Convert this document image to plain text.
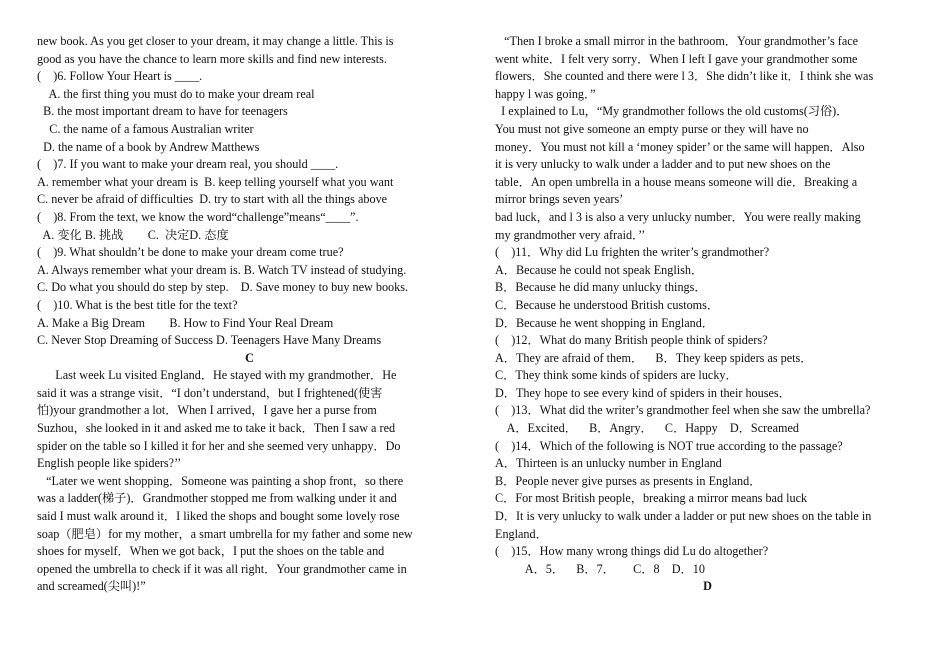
new book. As you get closer to your dream, it may change a little. This is
good as you have the chance to learn more skills and find new interests.
(    )6. Follow Your Heart is ____.
A. the first thing you must do to make your dream real
B. the most important dream to have for teenagers
C. the name of a famous Australian writer
D. the name of a book by Andrew Matthews
(    )7. If you want to make your dream real, you should ____.
A. remember what your dream is  B. keep telling yourself what you want
C. never be afraid of difficulties  D. try to start with all the things above
(    )8. From the text, we know the word“challenge”means“____”.
A. 变化 B. 挑战        C.  决定D. 态度
(    )9. What shouldn’t be done to make your dream come true?
A. Always remember what your dream is. B. Watch TV instead of studying.
C. Do what you should do step by step.    D. Save money to buy new books.
(    )10. What is the best title for the text?
A. Make a Big Dream        B. How to Find Your Real Dream
C. Never Stop Dreaming of Success D. Teenagers Have Many Dreams
C
Last week Lu visited England．He stayed with my grandmother．He
said it was a strange visit．“I don’t understand，but I frightened(使害
怕)your grandmother a lot．When I arrived，I gave her a purse from
Suzhou，she looked in it and asked me to take it back．Then I saw a red
spider on the table so I killed it for her and she seemed very unhappy．Do
English people like spiders?’’
“Later we went shopping．Someone was painting a shop front，so there
was a ladder(梯子)．Grandmother stopped me from walking under it and
said I must walk around it．I liked the shops and bought some lovely rose
soap（肥皂）for my mother，a smart umbrella for my father and some new
shoes for myself．When we got back，I put the shoes on the table and
opened the umbrella to check if it was all right．Your grandmother came in
and screamed(尖叫)!”
“Then I broke a small mirror in the bathroom．Your grandmother’s face
went white．I felt very sorry．When I left I gave your grandmother some
flowers．She counted and there were l 3．She didn’t like it．I think she was
happy l was going．”
I explained to Lu，“My grandmother follows the old customs(习俗)．
You must not give someone an empty purse or they will have no
money．You must not kill a ‘money spider’ or the same will happen．Also
it is very unlucky to walk under a ladder and to put new shoes on the
table．An open umbrella in a house means someone will die．Breaking a
mirror brings seven years’
bad luck，and l 3 is also a very unlucky number．You were really making
my grandmother very afraid．’’
(    )11．Why did Lu frighten the writer’s grandmother?
A．Because he could not speak English．
B．Because he did many unlucky things．
C．Because he understood British customs．
D．Because he went shopping in England．
(    )12．What do many British people think of spiders?
A．They are afraid of them．    B．They keep spiders as pets．
C．They think some kinds of spiders are lucky．
D．They hope to see every kind of spiders in their houses．
(    )13．What did the writer’s grandmother feel when she saw the umbrella?
A．Excited．    B．Angry．    C．Happy    D．Screamed
(    )14．Which of the following is NOT true according to the passage?
A．Thirteen is an unlucky number in England
B．People never give purses as presents in England．
C．For most British people，breaking a mirror means bad luck
D．It is very unlucky to walk under a ladder or put new shoes on the table in
England．
(    )15．How many wrong things did Lu do altogether?
A．5．    B．7．      C．8    D．10
D
